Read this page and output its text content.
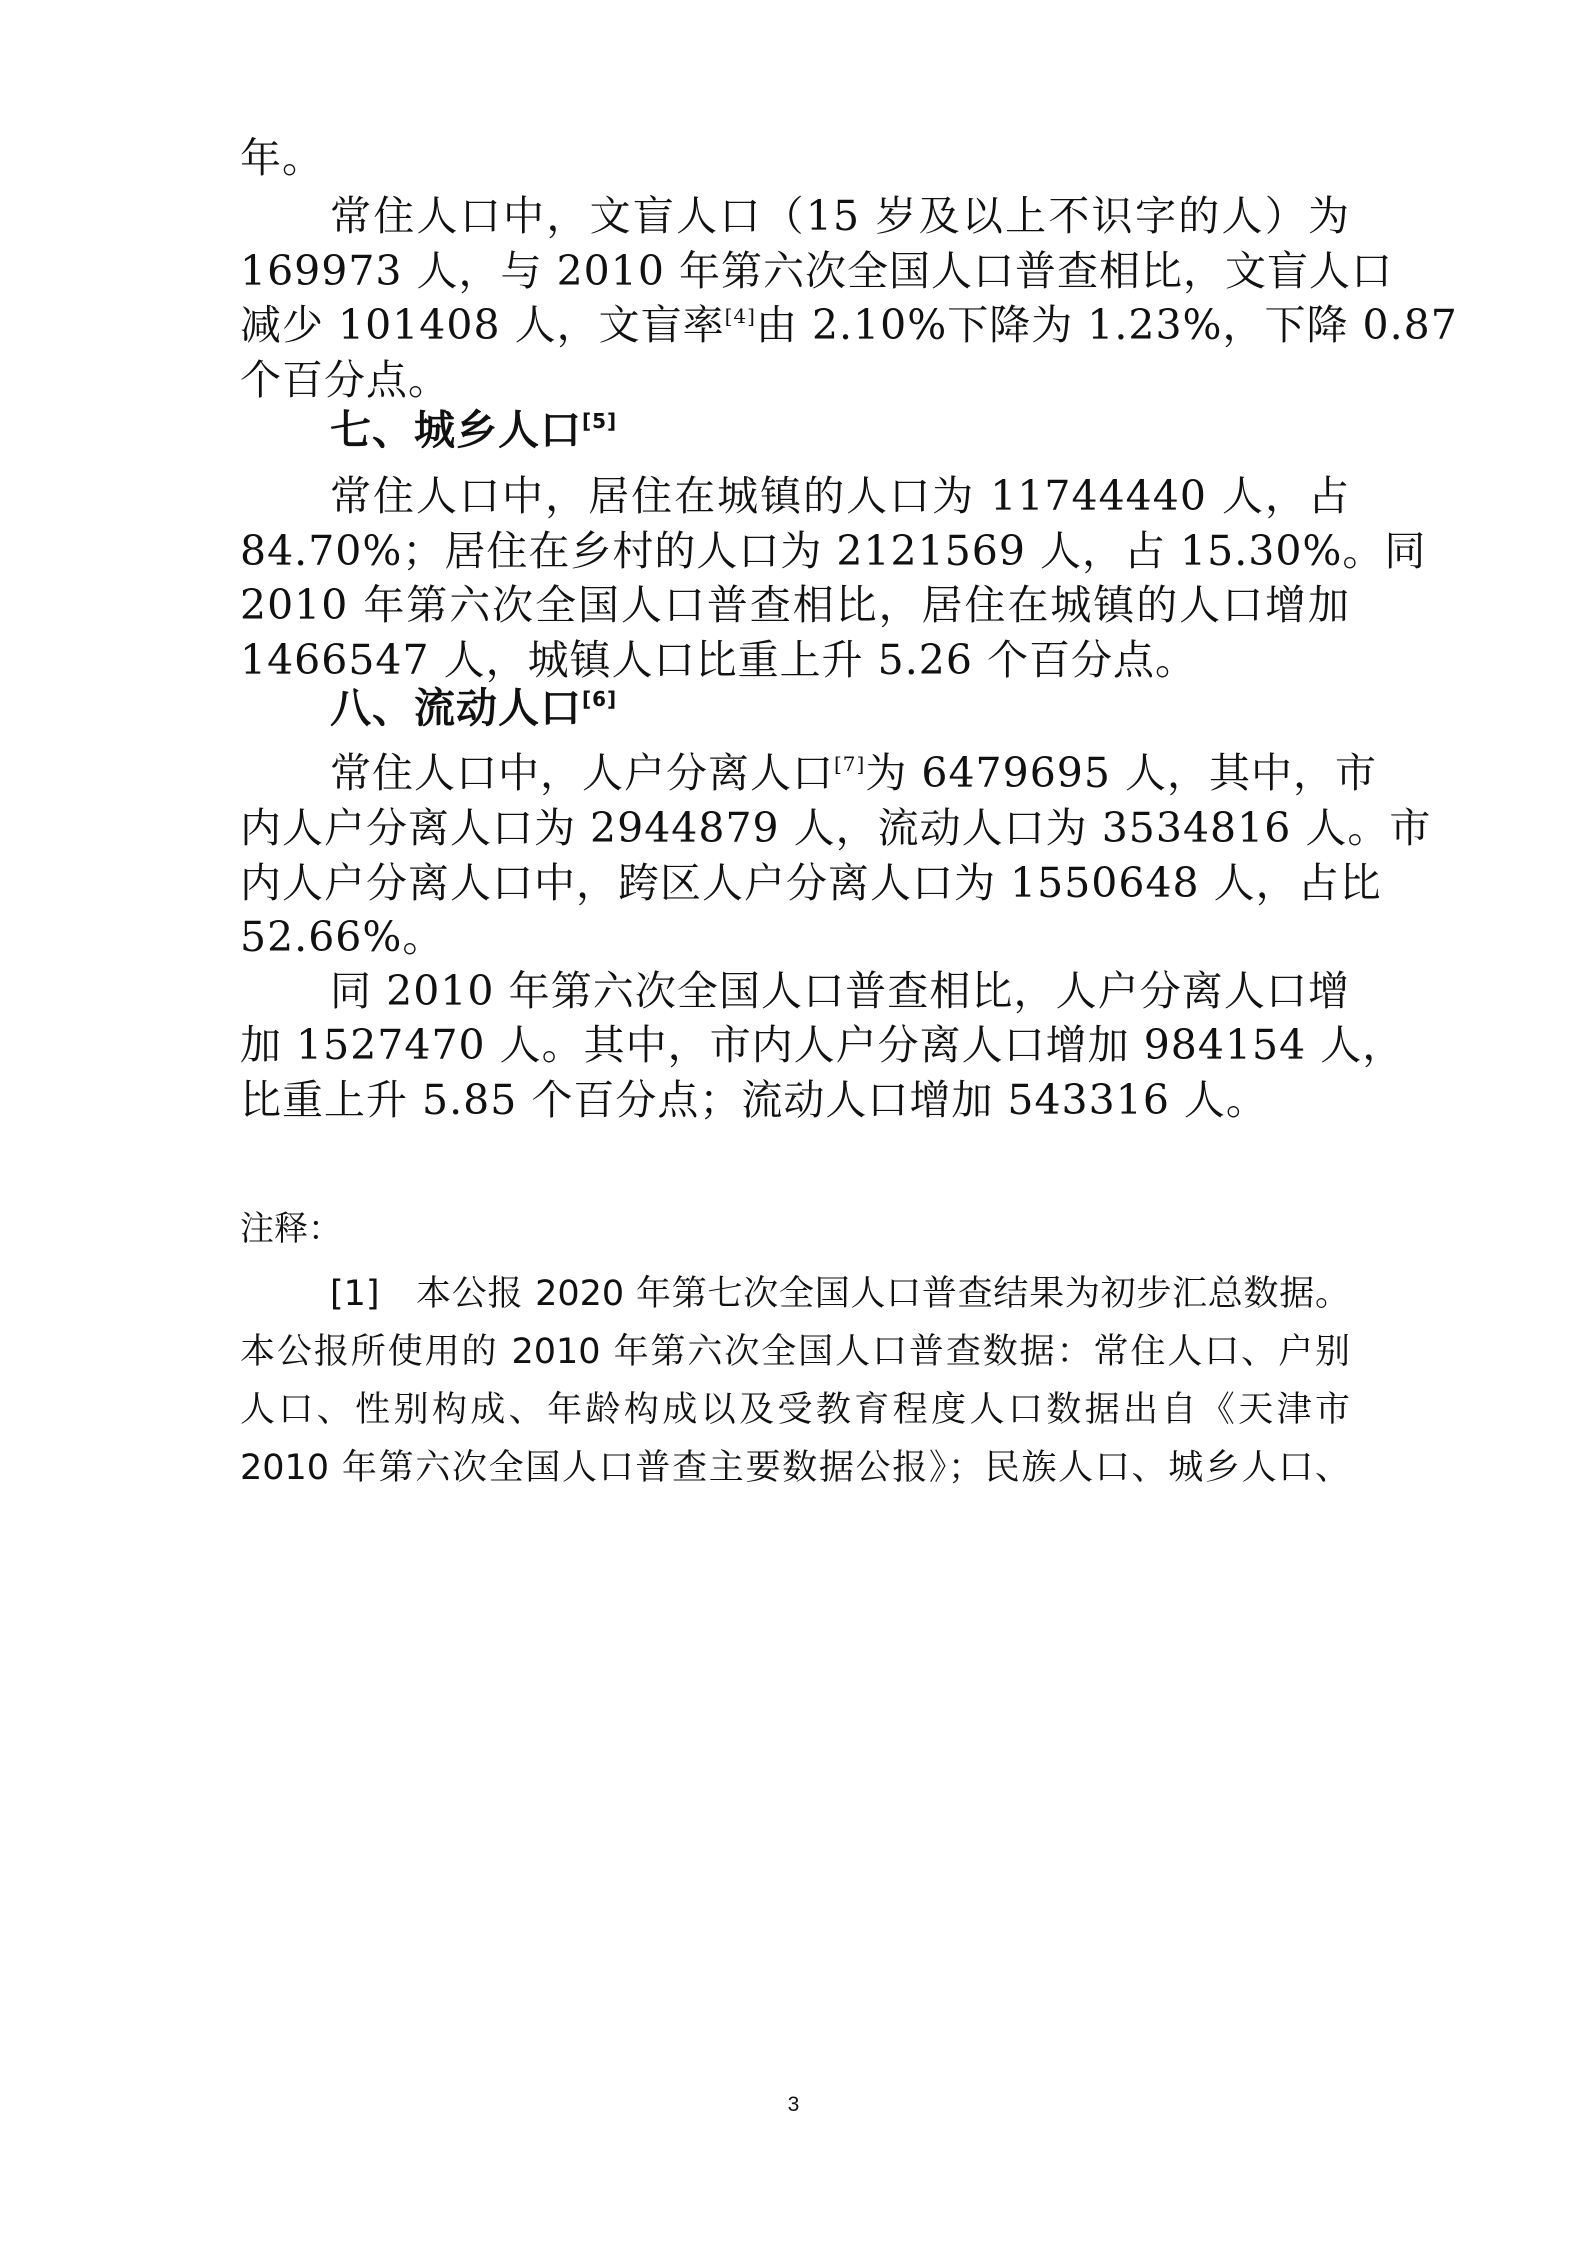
年。
常住人口中，文盲人口（15 岁及以上不识字的人）为
169973 人，与 2010 年第六次全国人口普查相比，文盲人口
减少 101408 人，文盲率[4]由 2.10%下降为 1.23%，下降 0.87
个百分点。
七、城乡人口[5]
常住人口中，居住在城镇的人口为 11744440 人，占
84.70%；居住在乡村的人口为 2121569 人，占 15.30%。同
2010 年第六次全国人口普查相比，居住在城镇的人口增加
1466547 人，城镇人口比重上升 5.26 个百分点。
八、流动人口[6]
常住人口中，人户分离人口[7]为 6479695 人，其中，市
内人户分离人口为 2944879 人，流动人口为 3534816 人。市
内人户分离人口中，跨区人户分离人口为 1550648 人，占比
52.66%。
同 2010 年第六次全国人口普查相比，人户分离人口增
加 1527470 人。其中，市内人户分离人口增加 984154 人，
比重上升 5.85 个百分点；流动人口增加 543316 人。
注释：
[1]　本公报 2020 年第七次全国人口普查结果为初步汇总数据。
本公报所使用的 2010 年第六次全国人口普查数据：常住人口、户别
人口、性别构成、年龄构成以及受教育程度人口数据出自《天津市
2010 年第六次全国人口普查主要数据公报》；民族人口、城乡人口、
3
